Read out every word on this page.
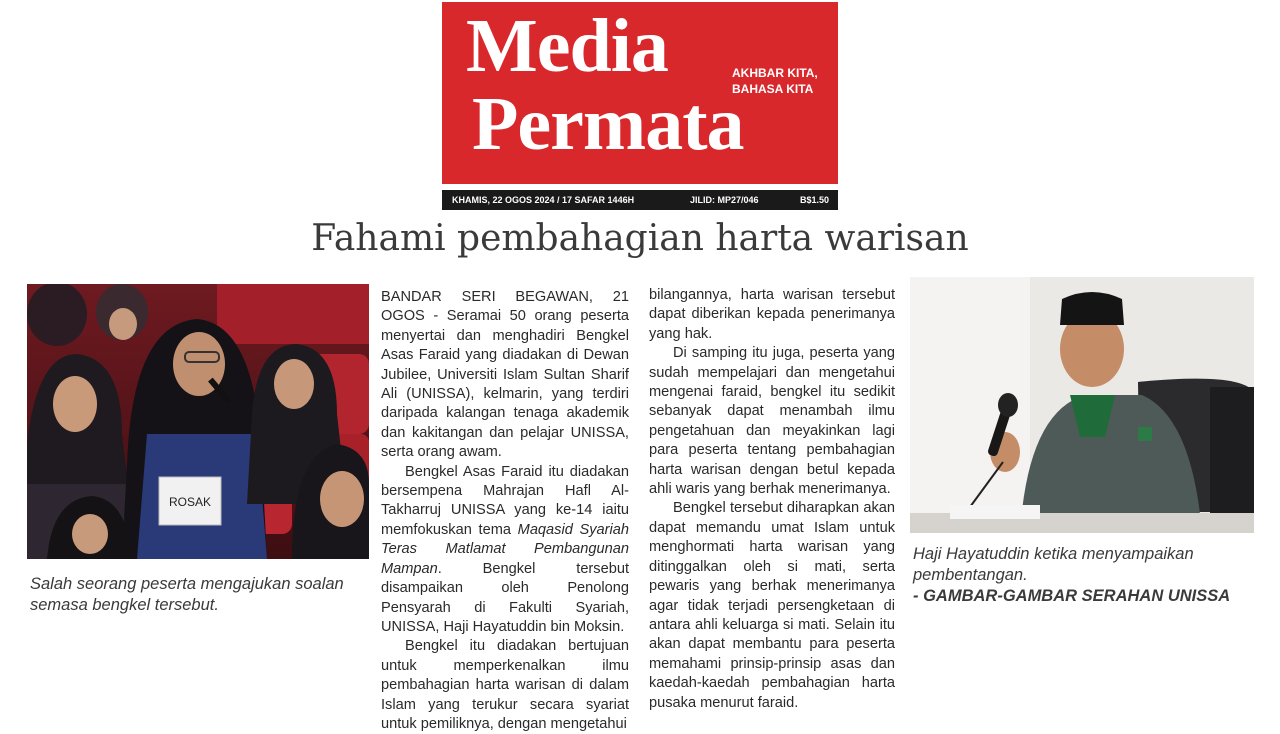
Media
Permata
AKHBAR KITA,
BAHASA KITA
KHAMIS, 22 OGOS 2024 / 17 SAFAR 1446H	JILID: MP27/046	B$1.50
Fahami pembahagian harta warisan
ROSAK
Salah seorang peserta mengajukan soalan semasa bengkel tersebut.

BANDAR SERI BEGAWAN, 21 OGOS - Seramai 50 orang peserta menyertai dan menghadiri Bengkel Asas Faraid yang diadakan di Dewan Jubilee, Universiti Islam Sultan Sharif Ali (UNISSA), kelmarin, yang terdiri daripada kalangan tenaga akademik dan kakitangan dan pelajar UNISSA, serta orang awam.

Bengkel Asas Faraid itu diadakan bersempena Mahrajan Hafl Al-Takharruj UNISSA yang ke-14 iaitu memfokuskan tema Maqasid Syariah Teras Matlamat Pembangunan Mampan. Bengkel tersebut disampaikan oleh Penolong Pensyarah di Fakulti Syariah, UNISSA, Haji Hayatuddin bin Moksin.

Bengkel itu diadakan bertujuan untuk memperkenalkan ilmu pembahagian harta warisan di dalam Islam yang terukur secara syariat untuk pemiliknya, dengan mengetahui

bilangannya, harta warisan tersebut dapat diberikan kepada penerimanya yang hak.

Di samping itu juga, peserta yang sudah mempelajari dan mengetahui mengenai faraid, bengkel itu sedikit sebanyak dapat menambah ilmu pengetahuan dan meyakinkan lagi para peserta tentang pembahagian harta warisan dengan betul kepada ahli waris yang berhak menerimanya.

Bengkel tersebut diharapkan akan dapat memandu umat Islam untuk menghormati harta warisan yang ditinggalkan oleh si mati, serta pewaris yang berhak menerimanya agar tidak terjadi persengketaan di antara ahli keluarga si mati. Selain itu akan dapat membantu para peserta memahami prinsip-prinsip asas dan kaedah-kaedah pembahagian harta pusaka menurut faraid.

Haji Hayatuddin ketika menyampaikan pembentangan.
- GAMBAR-GAMBAR SERAHAN UNISSA
